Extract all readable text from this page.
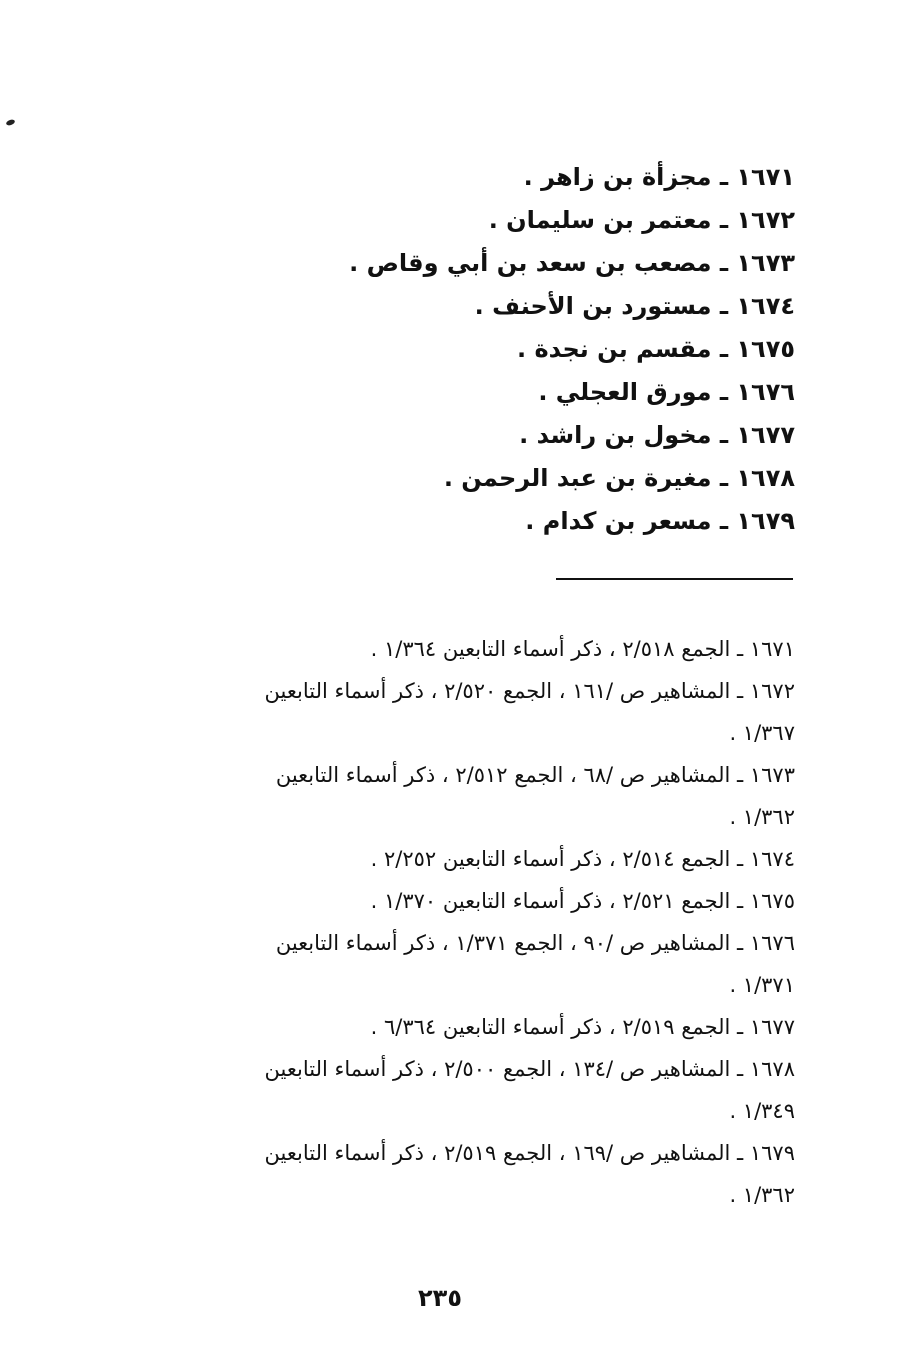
١٦٧١ ـ مجزأة بن زاهر .
١٦٧٢ ـ معتمر بن سليمان .
١٦٧٣ ـ مصعب بن سعد بن أبي وقاص .
١٦٧٤ ـ مستورد بن الأحنف .
١٦٧٥ ـ مقسم بن نجدة .
١٦٧٦ ـ مورق العجلي .
١٦٧٧ ـ مخول بن راشد .
١٦٧٨ ـ مغيرة بن عبد الرحمن .
١٦٧٩ ـ مسعر بن كدام .
١٦٧١ ـ الجمع ٢/٥١٨ ، ذكر أسماء التابعين ١/٣٦٤ .
١٦٧٢ ـ المشاهير ص /١٦١ ، الجمع ٢/٥٢٠ ، ذكر أسماء التابعين
١/٣٦٧ .
١٦٧٣ ـ المشاهير ص /٦٨ ، الجمع ٢/٥١٢ ، ذكر أسماء التابعين
١/٣٦٢ .
١٦٧٤ ـ الجمع ٢/٥١٤ ، ذكر أسماء التابعين ٢/٢٥٢ .
١٦٧٥ ـ الجمع ٢/٥٢١ ، ذكر أسماء التابعين ١/٣٧٠ .
١٦٧٦ ـ المشاهير ص /٩٠ ، الجمع ١/٣٧١ ، ذكر أسماء التابعين
١/٣٧١ .
١٦٧٧ ـ الجمع ٢/٥١٩ ، ذكر أسماء التابعين ٦/٣٦٤ .
١٦٧٨ ـ المشاهير ص /١٣٤ ، الجمع ٢/٥٠٠ ، ذكر أسماء التابعين
١/٣٤٩ .
١٦٧٩ ـ المشاهير ص /١٦٩ ، الجمع ٢/٥١٩ ، ذكر أسماء التابعين
١/٣٦٢ .
٢٣٥
